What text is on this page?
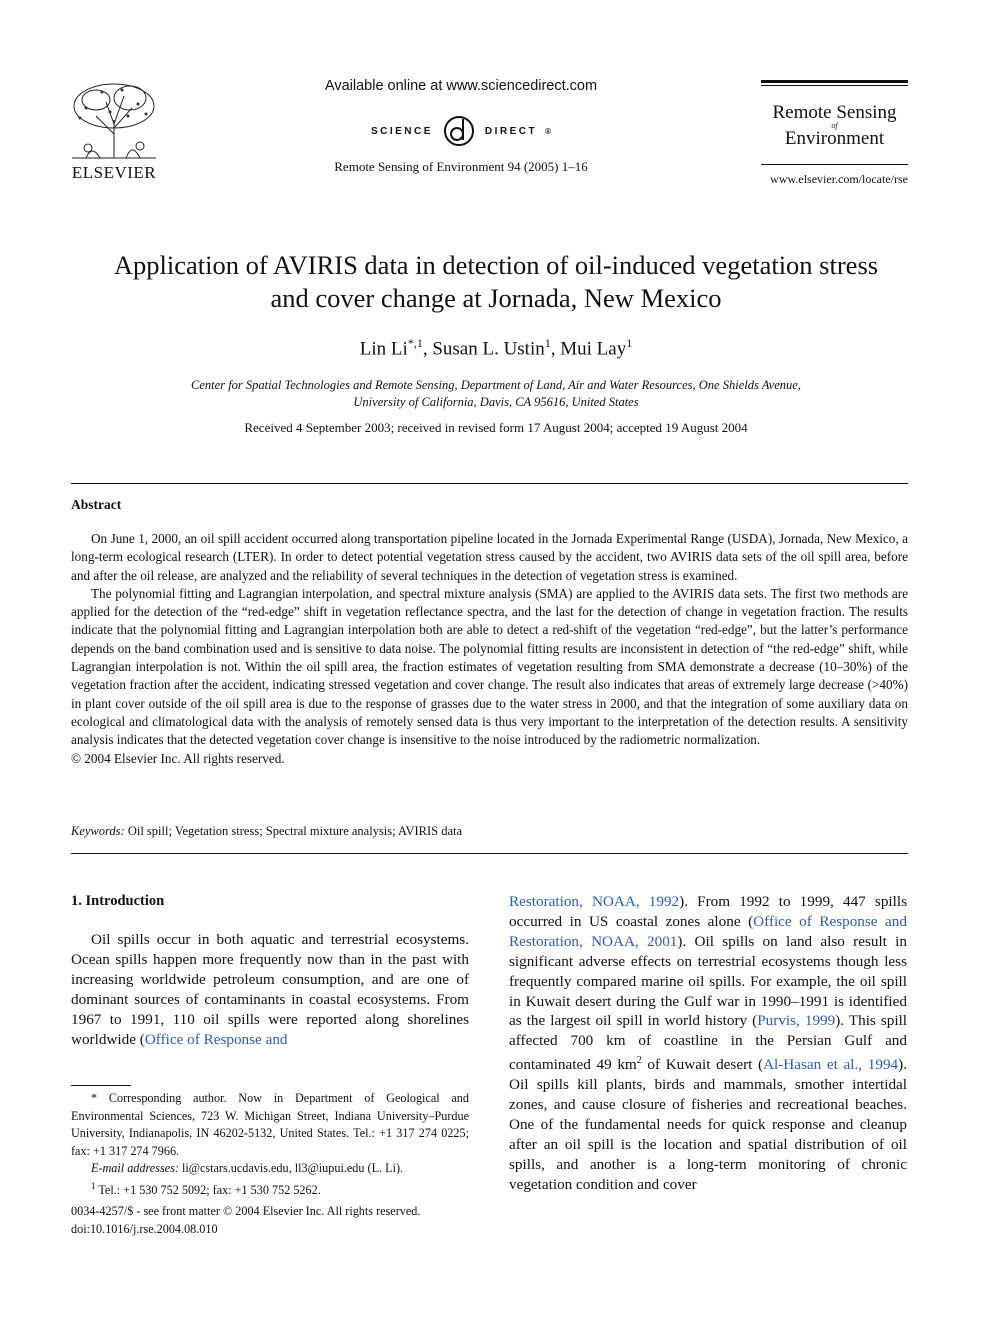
ELSEVIER

Available online at www.sciencedirect.com

SCIENCE	DIRECT ®
Remote Sensing of Environment 94 (2005) 1–16
Remote Sensing
of
Environment
www.elsevier.com/locate/rse
Application of AVIRIS data in detection of oil-induced vegetation stress
and cover change at Jornada, New Mexico
Lin $Li^{*,1}$, Susan L. Ustin$^1$, Mui Lay$^1$
Center for Spatial Technologies and Remote Sensing, Department of Land, Air and Water Resources, One Shields Avenue,
University of California, Davis, CA 95616, United States
Received 4 September 2003; received in revised form 17 August 2004; accepted 19 August 2004
Abstract

On June 1, 2000, an oil spill accident occurred along transportation pipeline located in the Jornada Experimental Range (USDA), Jornada, New Mexico, a long-term ecological research (LTER). In order to detect potential vegetation stress caused by the accident, two AVIRIS data sets of the oil spill area, before and after the oil release, are analyzed and the reliability of several techniques in the detection of vegetation stress is examined.

The polynomial fitting and Lagrangian interpolation, and spectral mixture analysis (SMA) are applied to the AVIRIS data sets. The first two methods are applied for the detection of the “red-edge” shift in vegetation reflectance spectra, and the last for the detection of change in vegetation fraction. The results indicate that the polynomial fitting and Lagrangian interpolation both are able to detect a red-shift of the vegetation “red-edge”, but the latter’s performance depends on the band combination used and is sensitive to data noise. The polynomial fitting results are inconsistent in detection of “the red-edge” shift, while Lagrangian interpolation is not. Within the oil spill area, the fraction estimates of vegetation resulting from SMA demonstrate a decrease (10–30%) of the vegetation fraction after the accident, indicating stressed vegetation and cover change. The result also indicates that areas of extremely large decrease (>40%) in plant cover outside of the oil spill area is due to the response of grasses due to the water stress in 2000, and that the integration of some auxiliary data on ecological and climatological data with the analysis of remotely sensed data is thus very important to the interpretation of the detection results. A sensitivity analysis indicates that the detected vegetation cover change is insensitive to the noise introduced by the radiometric normalization.

© 2004 Elsevier Inc. All rights reserved.

Keywords: Oil spill; Vegetation stress; Spectral mixture analysis; AVIRIS data
1. Introduction
Oil spills occur in both aquatic and terrestrial ecosystems. Ocean spills happen more frequently now than in the past with increasing worldwide petroleum consumption, and are one of dominant sources of contaminants in coastal ecosystems. From 1967 to 1991, 110 oil spills were reported along shorelines worldwide (Office of Response and
Restoration, NOAA, 1992). From 1992 to 1999, 447 spills occurred in US coastal zones alone (Office of Response and Restoration, NOAA, 2001). Oil spills on land also result in significant adverse effects on terrestrial ecosystems though less frequently compared marine oil spills. For example, the oil spill in Kuwait desert during the Gulf war in 1990–1991 is identified as the largest oil spill in world history (Purvis, 1999). This spill affected 700 km of coastline in the Persian Gulf and contaminated 49 $km^2$ of Kuwait desert (Al-Hasan et al., 1994). Oil spills kill plants, birds and mammals, smother intertidal zones, and cause closure of fisheries and recreational beaches. One of the fundamental needs for quick response and cleanup after an oil spill is the location and spatial distribution of oil spills, and another is a long-term monitoring of chronic vegetation condition and cover

* Corresponding author. Now in Department of Geological and Environmental Sciences, 723 W. Michigan Street, Indiana University–Purdue University, Indianapolis, IN 46202-5132, United States. Tel.: +1 317 274 0225; fax: +1 317 274 7966.

E-mail addresses: li@cstars.ucdavis.edu, ll3@iupui.edu (L. Li).

$^1$ Tel.: +1 530 752 5092; fax: +1 530 752 5262.

0034-4257/$ - see front matter © 2004 Elsevier Inc. All rights reserved.
doi:10.1016/j.rse.2004.08.010
